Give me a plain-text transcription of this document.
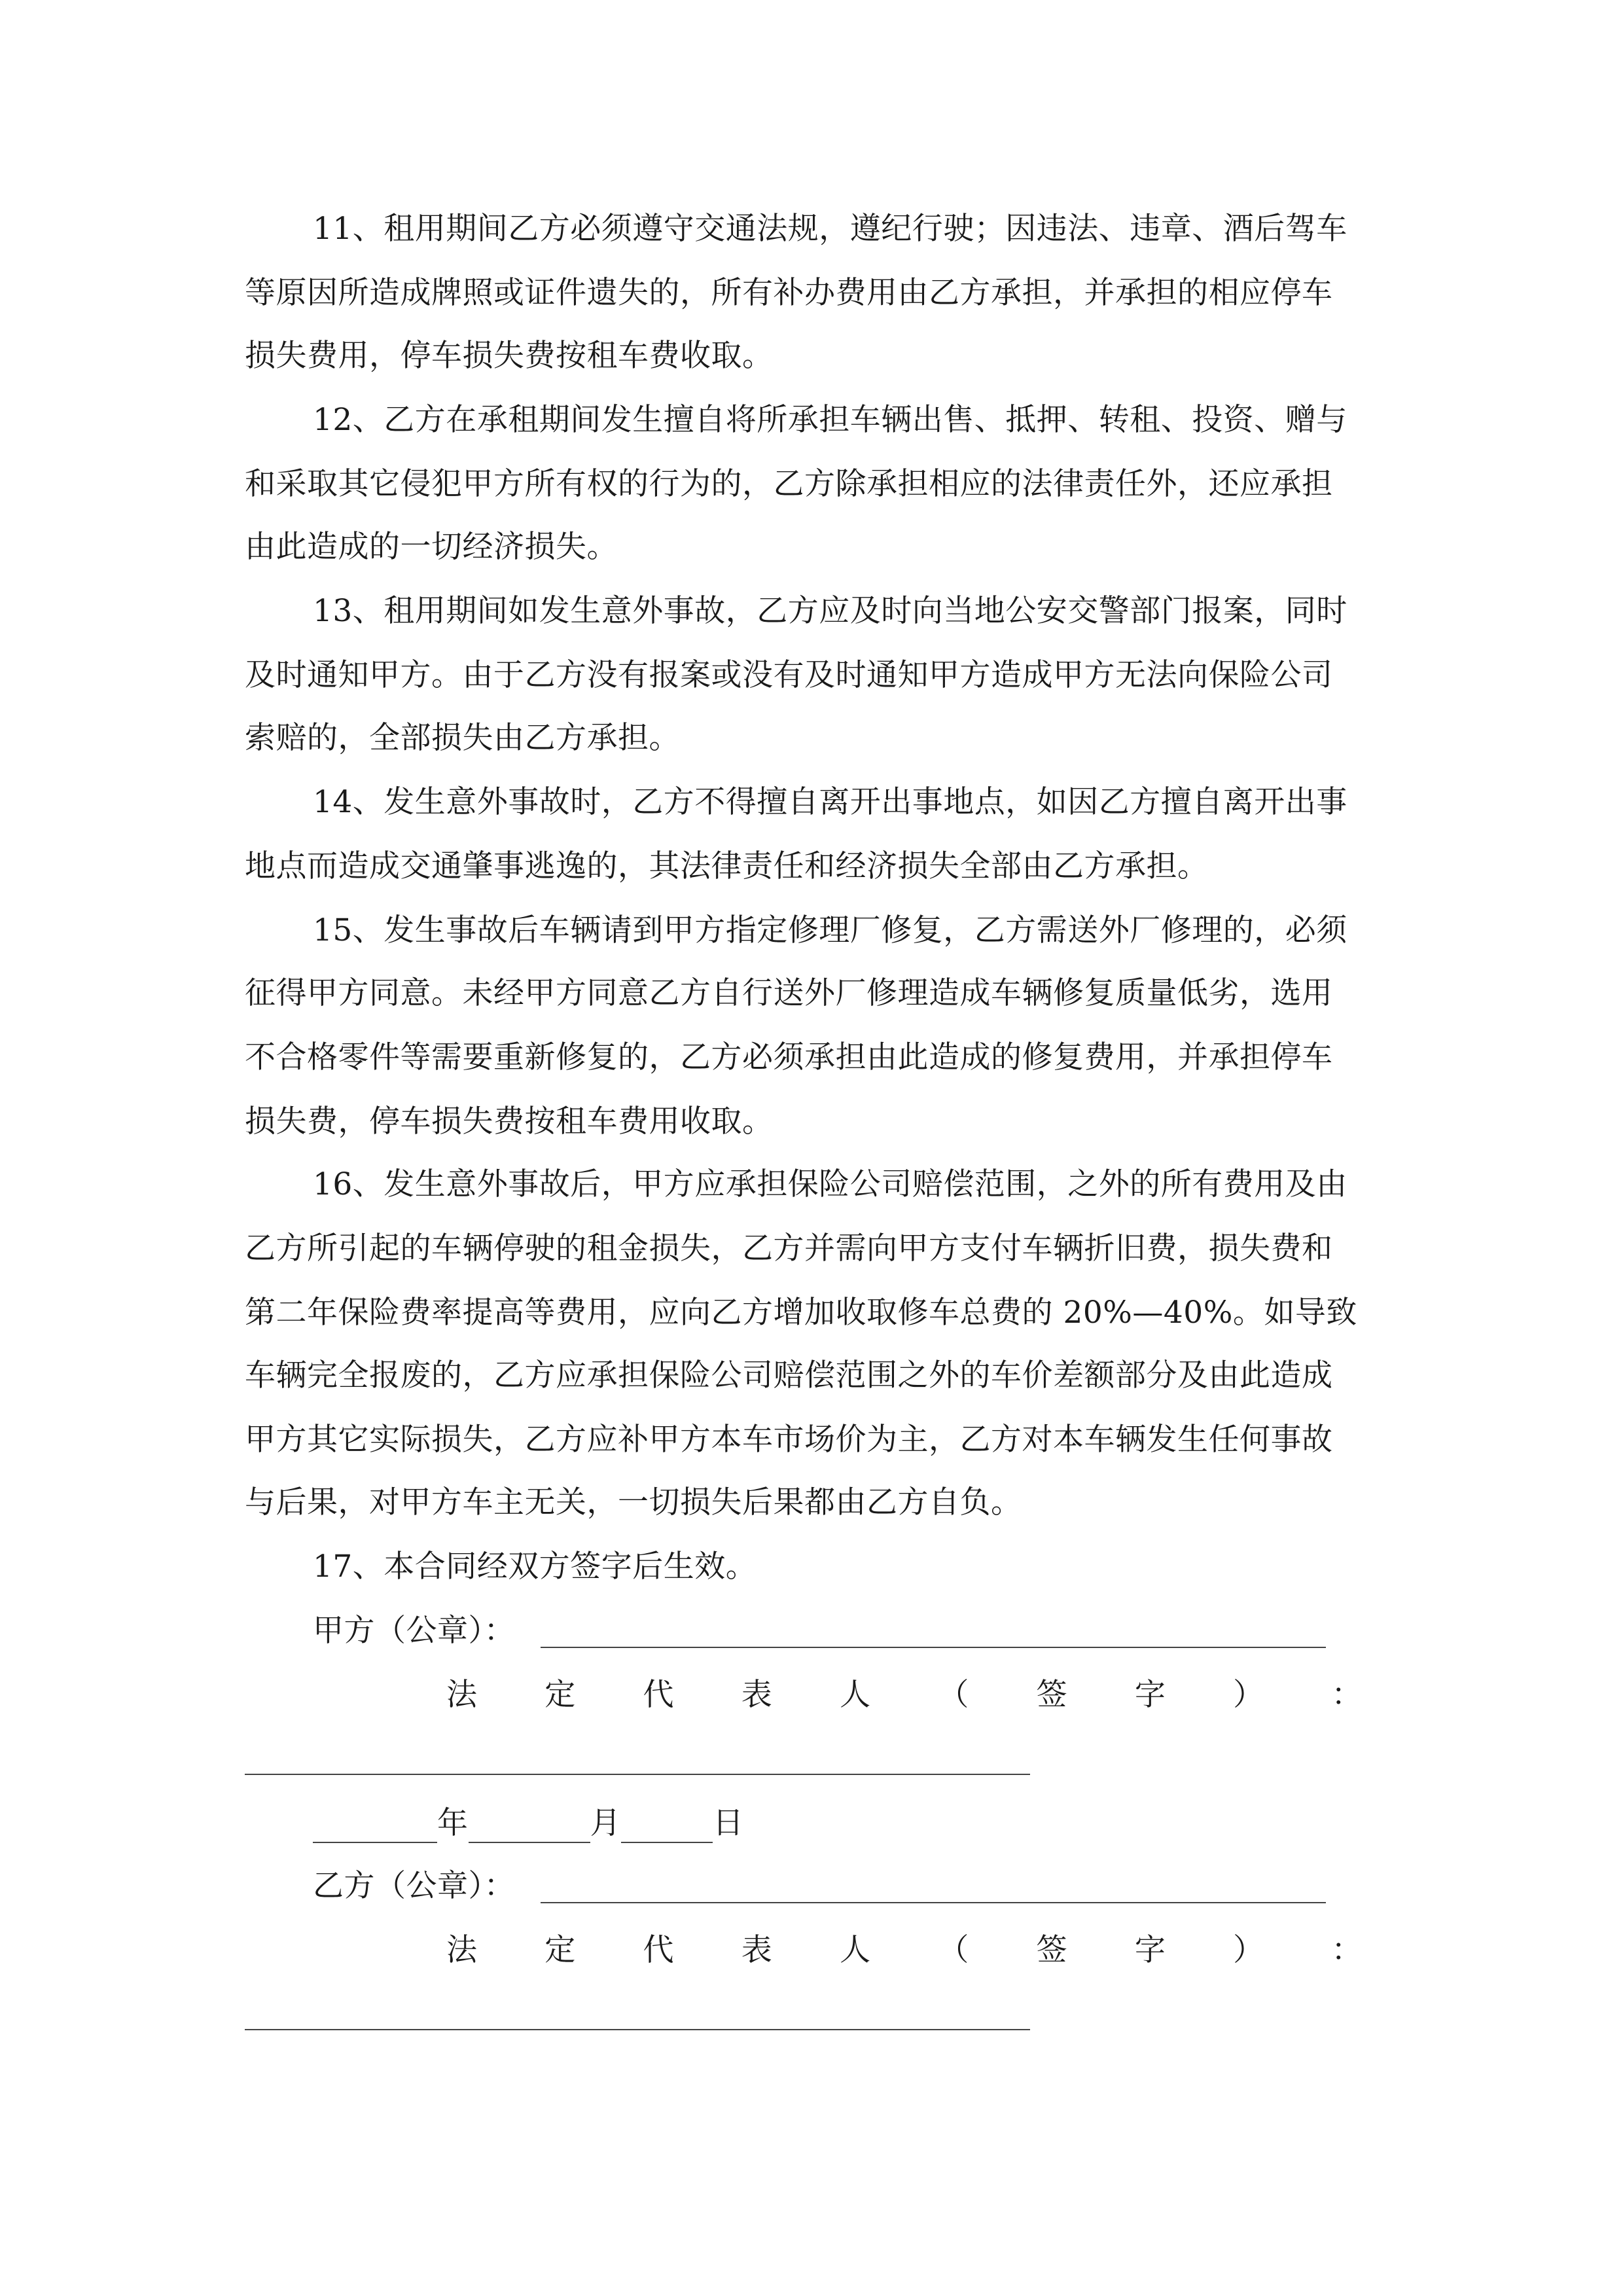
11、租用期间乙方必须遵守交通法规，遵纪行驶；因违法、违章、酒后驾车
等原因所造成牌照或证件遗失的，所有补办费用由乙方承担，并承担的相应停车
损失费用，停车损失费按租车费收取。
12、乙方在承租期间发生擅自将所承担车辆出售、抵押、转租、投资、赠与
和采取其它侵犯甲方所有权的行为的，乙方除承担相应的法律责任外，还应承担
由此造成的一切经济损失。
13、租用期间如发生意外事故，乙方应及时向当地公安交警部门报案，同时
及时通知甲方。由于乙方没有报案或没有及时通知甲方造成甲方无法向保险公司
索赔的，全部损失由乙方承担。
14、发生意外事故时，乙方不得擅自离开出事地点，如因乙方擅自离开出事
地点而造成交通肇事逃逸的，其法律责任和经济损失全部由乙方承担。
15、发生事故后车辆请到甲方指定修理厂修复，乙方需送外厂修理的，必须
征得甲方同意。未经甲方同意乙方自行送外厂修理造成车辆修复质量低劣，选用
不合格零件等需要重新修复的，乙方必须承担由此造成的修复费用，并承担停车
损失费，停车损失费按租车费用收取。
16、发生意外事故后，甲方应承担保险公司赔偿范围，之外的所有费用及由
乙方所引起的车辆停驶的租金损失，乙方并需向甲方支付车辆折旧费，损失费和
第二年保险费率提高等费用，应向乙方增加收取修车总费的 20%—40%。如导致
车辆完全报废的，乙方应承担保险公司赔偿范围之外的车价差额部分及由此造成
甲方其它实际损失，乙方应补甲方本车市场价为主，乙方对本车辆发生任何事故
与后果，对甲方车主无关，一切损失后果都由乙方自负。
17、本合同经双方签字后生效。
甲方（公章）：
法 定 代 表 人 （ 签 字 ） ：
年	月	日
乙方（公章）：
法 定 代 表 人 （ 签 字 ） ：
